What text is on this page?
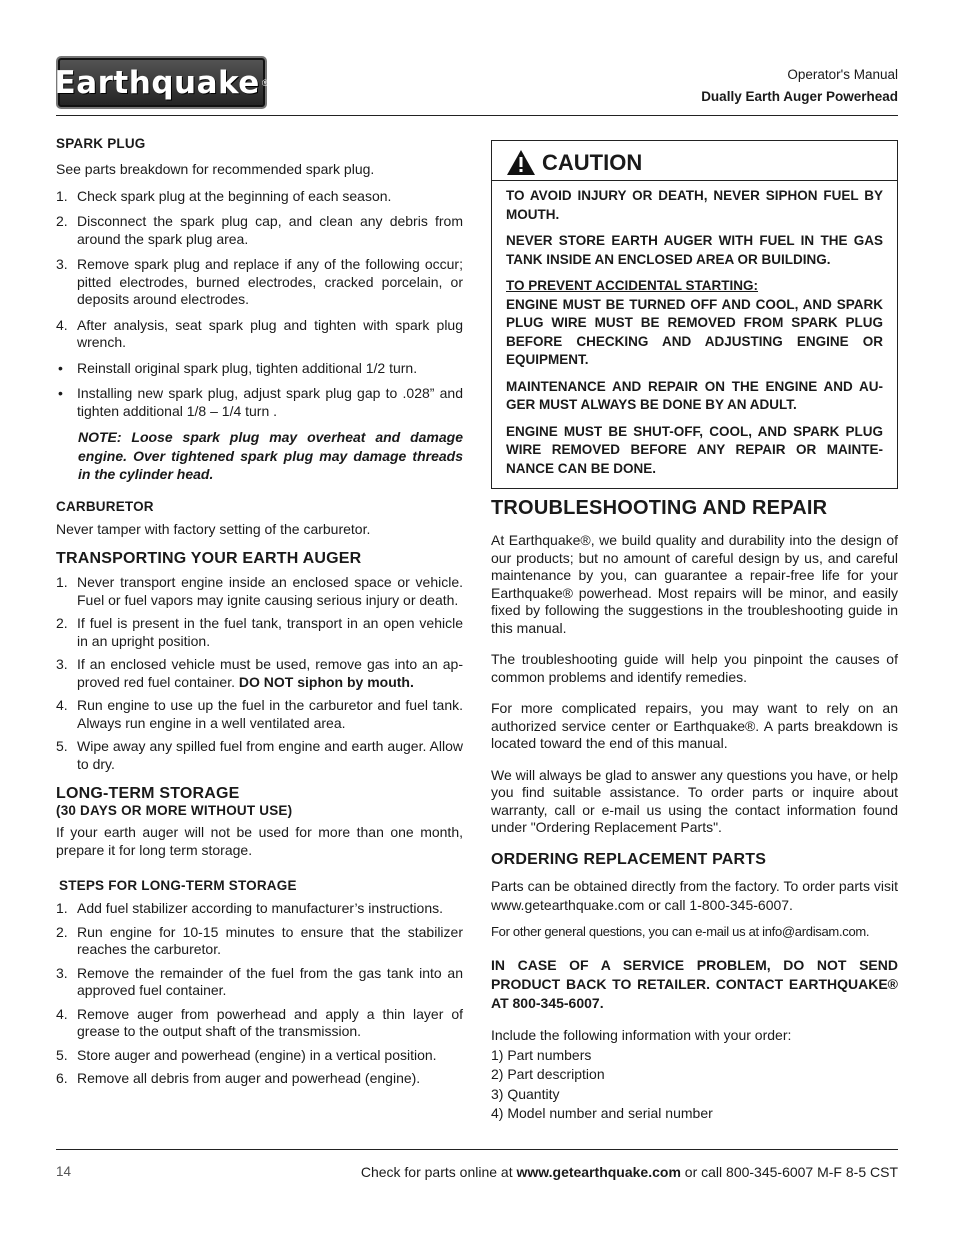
Earthquake ®
Operator's Manual
Dually Earth Auger Powerhead
SPARK PLUG

See parts breakdown for recommended spark plug.

1. Check spark plug at the beginning of each season.
2. Disconnect the spark plug cap, and clean any debris from around the spark plug area.
3. Remove spark plug and replace if any of the following occur; pitted electrodes, burned electrodes, cracked porcelain, or deposits around electrodes.
4. After analysis, seat spark plug and tighten with spark plug wrench.
•	Reinstall original spark plug, tighten additional 1/2 turn.
•	Installing new spark plug, adjust spark plug gap to .028” and tighten additional 1/8 – 1/4 turn .

NOTE: Loose spark plug may overheat and damage engine. Over tightened spark plug may damage threads in the cylinder head.

CARBURETOR

Never tamper with factory setting of the carburetor.

TRANSPORTING YOUR EARTH AUGER
1. Never transport engine inside an enclosed space or vehicle. Fuel or fuel vapors may ignite causing serious injury or death.
2. If fuel is present in the fuel tank, transport in an open vehicle in an upright position.
3. If an enclosed vehicle must be used, remove gas into an ap-proved red fuel container. DO NOT siphon by mouth.
4. Run engine to use up the fuel in the carburetor and fuel tank. Always run engine in a well ventilated area.
5. Wipe away any spilled fuel from engine and earth auger. Allow to dry.
LONG-TERM STORAGE
(30 DAYS OR MORE WITHOUT USE)

If your earth auger will not be used for more than one month, prepare it for long term storage.

STEPS FOR LONG-TERM STORAGE
1. Add fuel stabilizer according to manufacturer’s instructions.
2. Run engine for 10-15 minutes to ensure that the stabilizer reaches the carburetor.
3. Remove the remainder of the fuel from the gas tank into an approved fuel container.
4. Remove auger from powerhead and apply a thin layer of grease to the output shaft of the transmission.
5. Store auger and powerhead (engine) in a vertical position.
6. Remove all debris from auger and powerhead (engine).
CAUTION

TO AVOID INJURY OR DEATH, NEVER SIPHON FUEL BY MOUTH.

NEVER STORE EARTH AUGER WITH FUEL IN THE GAS TANK INSIDE AN ENCLOSED AREA OR BUILDING.

TO PREVENT ACCIDENTAL STARTING:

ENGINE MUST BE TURNED OFF AND COOL, AND SPARK PLUG WIRE MUST BE REMOVED FROM SPARK PLUG BEFORE CHECKING AND ADJUSTING ENGINE OR EQUIPMENT.

MAINTENANCE AND REPAIR ON THE ENGINE AND AU-GER MUST ALWAYS BE DONE BY AN ADULT.

ENGINE MUST BE SHUT-OFF, COOL, AND SPARK PLUG WIRE REMOVED BEFORE ANY REPAIR OR MAINTE-NANCE CAN BE DONE.

TROUBLESHOOTING AND REPAIR

At Earthquake®, we build quality and durability into the design of our products; but no amount of careful design by us, and careful maintenance by you, can guarantee a repair-free life for your Earthquake® powerhead. Most repairs will be minor, and easily fixed by following the suggestions in the troubleshooting guide in this manual.

The troubleshooting guide will help you pinpoint the causes of common problems and identify remedies.

For more complicated repairs, you may want to rely on an authorized service center or Earthquake®. A parts breakdown is located toward the end of this manual.

We will always be glad to answer any questions you have, or help you find suitable assistance. To order parts or inquire about warranty, call or e-mail us using the contact information found under "Ordering Replacement Parts".

ORDERING REPLACEMENT PARTS

Parts can be obtained directly from the factory. To order parts visit www.getearthquake.com or call 1-800-345-6007.

For other general questions, you can e-mail us at info@ardisam.com.

IN CASE OF A SERVICE PROBLEM, DO NOT SEND PRODUCT BACK TO RETAILER. CONTACT EARTHQUAKE® AT 800-345-6007.

Include the following information with your order:

1) Part numbers
2) Part description
3) Quantity
4) Model number and serial number
14	Check for parts online at www.getearthquake.com or call 800-345-6007 M-F 8-5 CST
